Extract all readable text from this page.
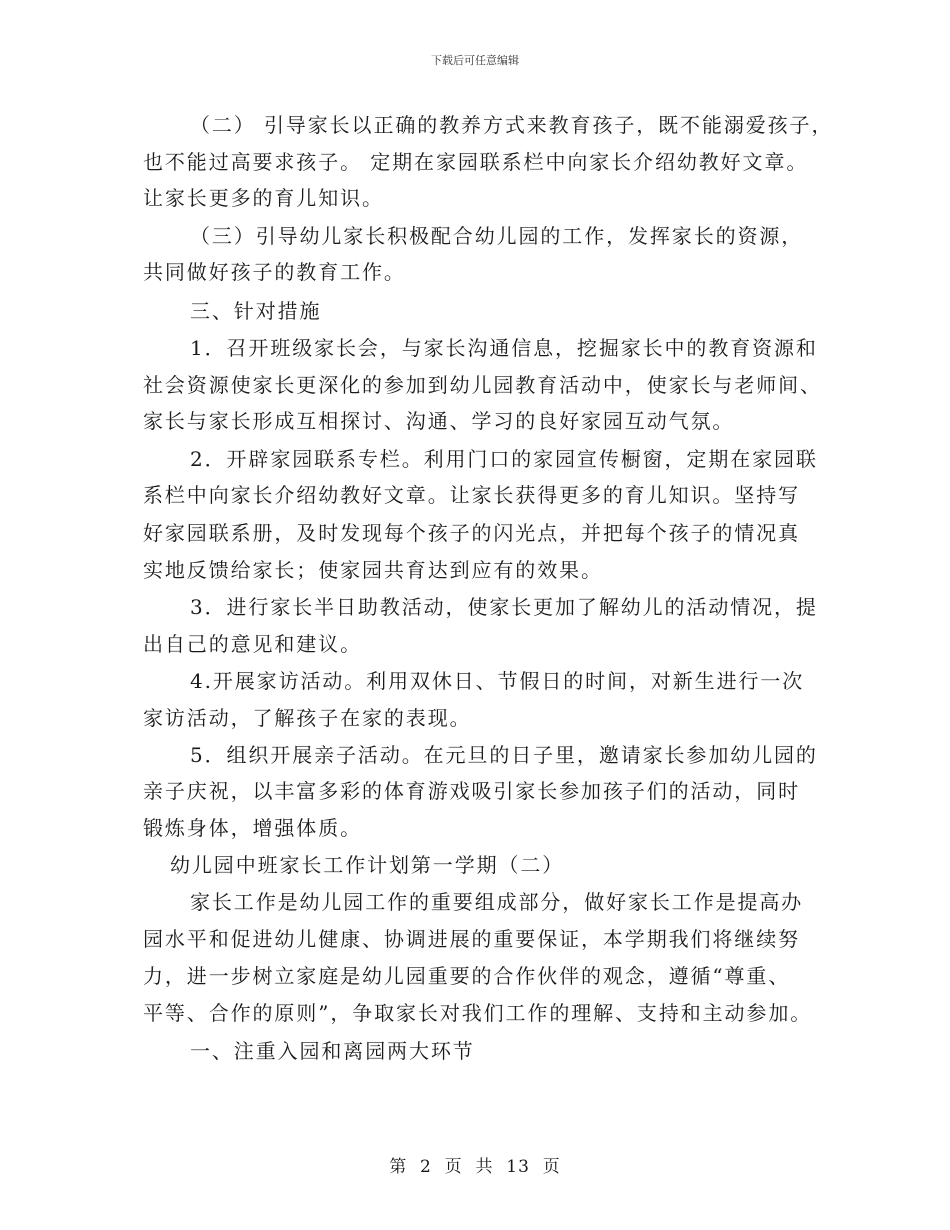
下载后可任意编辑
（二） 引导家长以正确的教养方式来教育孩子，既不能溺爱孩子，
也不能过高要求孩子。 定期在家园联系栏中向家长介绍幼教好文章。
让家长更多的育儿知识。
（三）引导幼儿家长积极配合幼儿园的工作，发挥家长的资源，
共同做好孩子的教育工作。
三、针对措施
1．召开班级家长会，与家长沟通信息，挖掘家长中的教育资源和
社会资源使家长更深化的参加到幼儿园教育活动中，使家长与老师间、
家长与家长形成互相探讨、沟通、学习的良好家园互动气氛。
2．开辟家园联系专栏。利用门口的家园宣传橱窗，定期在家园联
系栏中向家长介绍幼教好文章。让家长获得更多的育儿知识。坚持写
好家园联系册，及时发现每个孩子的闪光点，并把每个孩子的情况真
实地反馈给家长；使家园共育达到应有的效果。
3．进行家长半日助教活动，使家长更加了解幼儿的活动情况，提
出自己的意见和建议。
4.开展家访活动。利用双休日、节假日的时间，对新生进行一次
家访活动，了解孩子在家的表现。
5．组织开展亲子活动。在元旦的日子里，邀请家长参加幼儿园的
亲子庆祝，以丰富多彩的体育游戏吸引家长参加孩子们的活动，同时
锻炼身体，增强体质。
幼儿园中班家长工作计划第一学期（二）
家长工作是幼儿园工作的重要组成部分，做好家长工作是提高办
园水平和促进幼儿健康、协调进展的重要保证，本学期我们将继续努
力，进一步树立家庭是幼儿园重要的合作伙伴的观念，遵循“尊重、
平等、合作的原则”，争取家长对我们工作的理解、支持和主动参加。
一、注重入园和离园两大环节
第  2  页  共  13  页
